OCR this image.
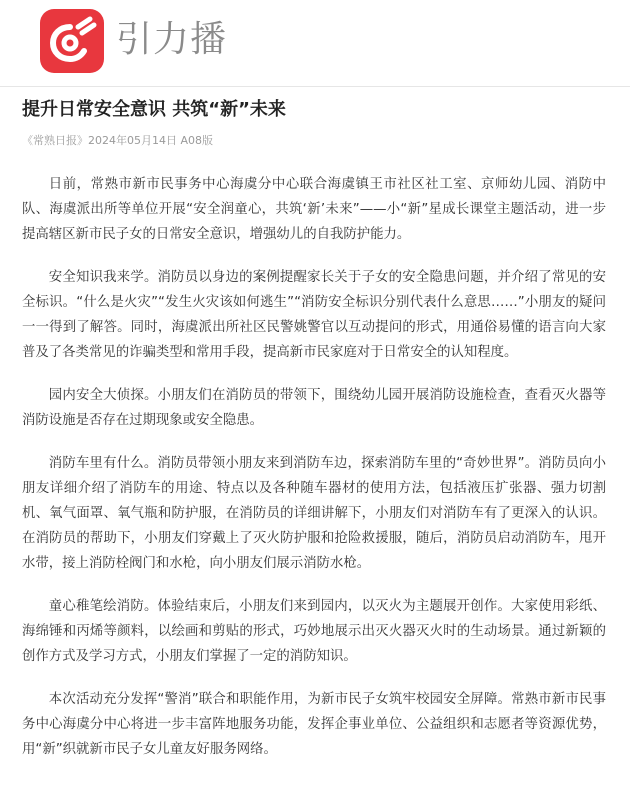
引力播
提升日常安全意识 共筑“新”未来
《常熟日报》2024年05月14日 A08版

日前，常熟市新市民事务中心海虞分中心联合海虞镇王市社区社工室、京师幼儿园、消防中队、海虞派出所等单位开展“安全润童心，共筑‘新’未来”——小“新”星成长课堂主题活动，进一步提高辖区新市民子女的日常安全意识，增强幼儿的自我防护能力。

安全知识我来学。消防员以身边的案例提醒家长关于子女的安全隐患问题，并介绍了常见的安全标识。“什么是火灾”“发生火灾该如何逃生”“消防安全标识分别代表什么意思……”小朋友的疑问一一得到了解答。同时，海虞派出所社区民警姚警官以互动提问的形式，用通俗易懂的语言向大家普及了各类常见的诈骗类型和常用手段，提高新市民家庭对于日常安全的认知程度。

园内安全大侦探。小朋友们在消防员的带领下，围绕幼儿园开展消防设施检查，查看灭火器等消防设施是否存在过期现象或安全隐患。

消防车里有什么。消防员带领小朋友来到消防车边，探索消防车里的“奇妙世界”。消防员向小朋友详细介绍了消防车的用途、特点以及各种随车器材的使用方法，包括液压扩张器、强力切割机、氧气面罩、氧气瓶和防护服，在消防员的详细讲解下，小朋友们对消防车有了更深入的认识。在消防员的帮助下，小朋友们穿戴上了灭火防护服和抢险救援服，随后，消防员启动消防车，甩开水带，接上消防栓阀门和水枪，向小朋友们展示消防水枪。

童心稚笔绘消防。体验结束后，小朋友们来到园内，以灭火为主题展开创作。大家使用彩纸、海绵锤和丙烯等颜料，以绘画和剪贴的形式，巧妙地展示出灭火器灭火时的生动场景。通过新颖的创作方式及学习方式，小朋友们掌握了一定的消防知识。

本次活动充分发挥“警消”联合和职能作用，为新市民子女筑牢校园安全屏障。常熟市新市民事务中心海虞分中心将进一步丰富阵地服务功能，发挥企事业单位、公益组织和志愿者等资源优势，用“新”织就新市民子女儿童友好服务网络。
